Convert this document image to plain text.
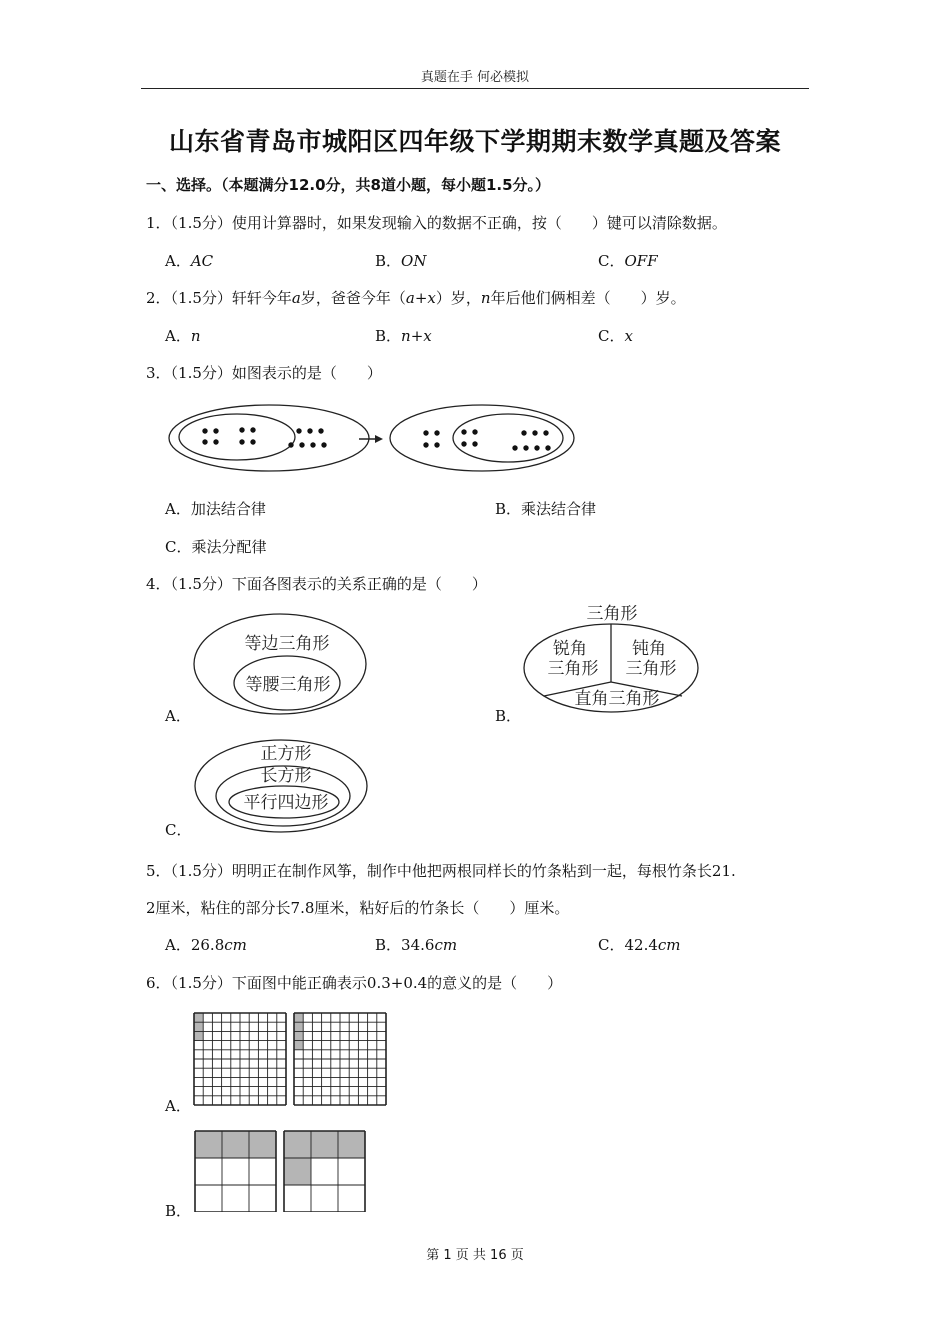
真题在手 何必模拟
山东省青岛市城阳区四年级下学期期末数学真题及答案
一、选择。（本题满分12.0分，共8道小题，每小题1.5分。）
1．（1.5分）使用计算器时，如果发现输入的数据不正确，按（　　）键可以清除数据。
A．AC	B．ON	C．OFF
2．（1.5分）轩轩今年a岁，爸爸今年（a+x）岁，n年后他们俩相差（　　）岁。
A．n	B．n+x	C．x
3．（1.5分）如图表示的是（　　）
A．加法结合律	B．乘法结合律
C．乘法分配律
4．（1.5分）下面各图表示的关系正确的是（　　）
等边三角形
等腰三角形
A．
三角形
锐角
三角形
钝角
三角形
直角三角形
B．
正方形
长方形
平行四边形
C．
5．（1.5分）明明正在制作风筝，制作中他把两根同样长的竹条粘到一起，每根竹条长21.
2厘米，粘住的部分长7.8厘米，粘好后的竹条长（　　）厘米。
A．26.8cm	B．34.6cm	C．42.4cm
6．（1.5分）下面图中能正确表示0.3+0.4的意义的是（　　）
A．
B．
第 1 页 共 16 页
